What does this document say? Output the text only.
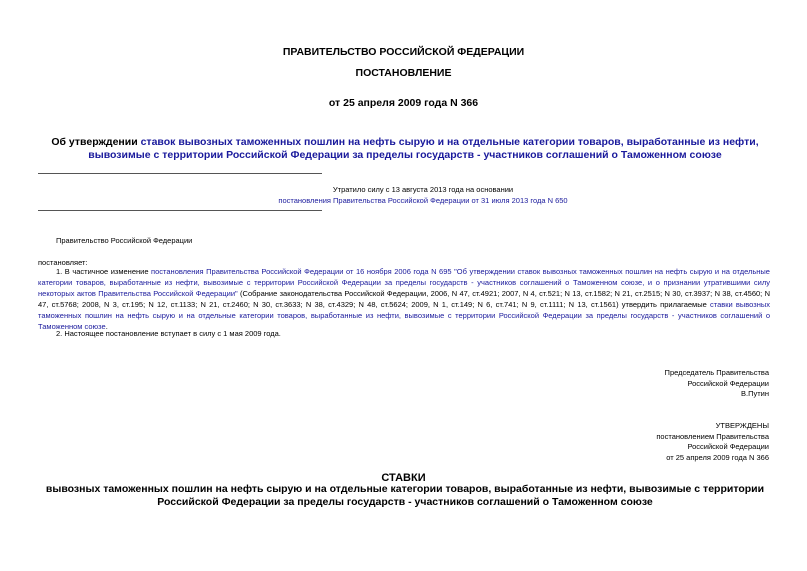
ПРАВИТЕЛЬСТВО РОССИЙСКОЙ ФЕДЕРАЦИИ

ПОСТАНОВЛЕНИЕ

от 25 апреля 2009 года N 366

Об утверждении ставок вывозных таможенных пошлин на нефть сырую и на отдельные категории товаров, выработанные из нефти, вывозимые с территории Российской Федерации за пределы государств - участников соглашений о Таможенном союзе

Утратило силу с 13 августа 2013 года на основании
постановления Правительства Российской Федерации от 31 июля 2013 года N 650
Правительство Российской Федерации
постановляет:

1. В частичное изменение постановления Правительства Российской Федерации от 16 ноября 2006 года N 695 "Об утверждении ставок вывозных таможенных пошлин на нефть сырую и на отдельные категории товаров, выработанные из нефти, вывозимые с территории Российской Федерации за пределы государств - участников соглашений о Таможенном союзе, и о признании утратившими силу некоторых актов Правительства Российской Федерации" (Собрание законодательства Российской Федерации, 2006, N 47, ст.4921; 2007, N 4, ст.521; N 13, ст.1582; N 21, ст.2515; N 30, ст.3937; N 38, ст.4560; N 47, ст.5768; 2008, N 3, ст.195; N 12, ст.1133; N 21, ст.2460; N 30, ст.3633; N 38, ст.4329; N 48, ст.5624; 2009, N 1, ст.149; N 6, ст.741; N 9, ст.1111; N 13, ст.1561) утвердить прилагаемые ставки вывозных таможенных пошлин на нефть сырую и на отдельные категории товаров, выработанные из нефти, вывозимые с территории Российской Федерации за пределы государств - участников соглашений о Таможенном союзе.

2. Настоящее постановление вступает в силу с 1 мая 2009 года.
Председатель Правительства
Российской Федерации
В.Путин
УТВЕРЖДЕНЫ
постановлением Правительства
Российской Федерации
от 25 апреля 2009 года N 366

СТАВКИ

вывозных таможенных пошлин на нефть сырую и на отдельные категории товаров, выработанные из нефти, вывозимые с территории Российской Федерации за пределы государств - участников соглашений о Таможенном союзе
